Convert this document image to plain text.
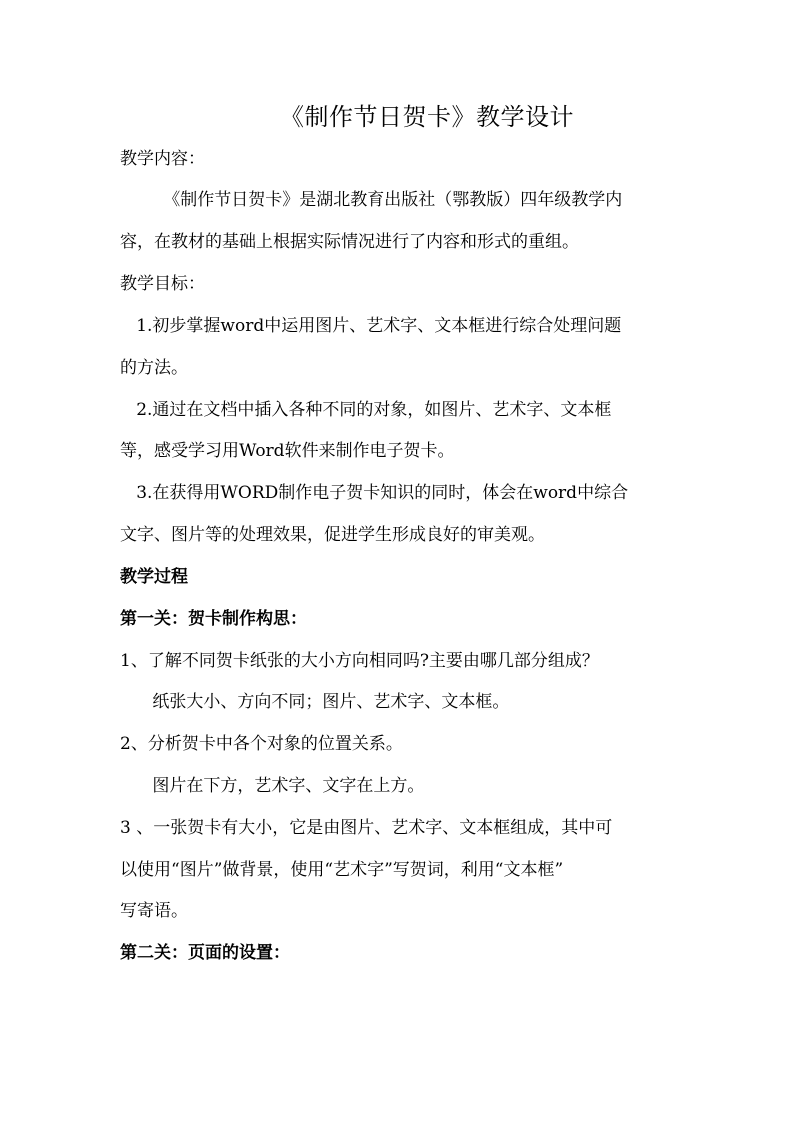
《制作节日贺卡》教学设计
教学内容：
《制作节日贺卡》是湖北教育出版社（鄂教版）四年级教学内
容，在教材的基础上根据实际情况进行了内容和形式的重组。
教学目标：
1.初步掌握word中运用图片、艺术字、文本框进行综合处理问题
的方法。
2.通过在文档中插入各种不同的对象，如图片、艺术字、文本框
等，感受学习用Word软件来制作电子贺卡。
3.在获得用WORD制作电子贺卡知识的同时，体会在word中综合
文字、图片等的处理效果，促进学生形成良好的审美观。
教学过程
第一关：贺卡制作构思：
1、了解不同贺卡纸张的大小方向相同吗?主要由哪几部分组成？
纸张大小、方向不同；图片、艺术字、文本框。
2、分析贺卡中各个对象的位置关系。
图片在下方，艺术字、文字在上方。
3 、一张贺卡有大小，它是由图片、艺术字、文本框组成，其中可
以使用“图片”做背景，使用“艺术字”写贺词，利用“文本框”
写寄语。
第二关：页面的设置：
